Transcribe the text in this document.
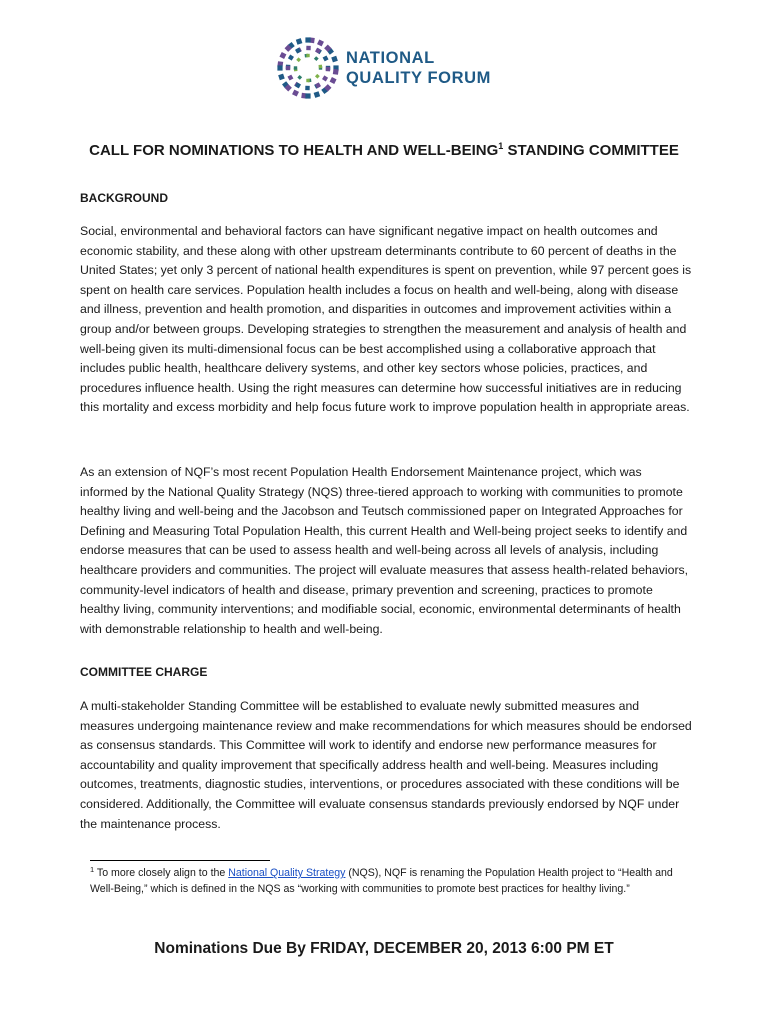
NATIONAL
QUALITY FORUM
CALL FOR NOMINATIONS TO HEALTH AND WELL-BEING$^1$ STANDING COMMITTEE
BACKGROUND

Social, environmental and behavioral factors can have significant negative impact on health outcomes and economic stability, and these along with other upstream determinants contribute to 60 percent of deaths in the United States; yet only 3 percent of national health expenditures is spent on prevention, while 97 percent goes is spent on health care services. Population health includes a focus on health and well-being, along with disease and illness, prevention and health promotion, and disparities in outcomes and improvement activities within a group and/or between groups. Developing strategies to strengthen the measurement and analysis of health and well-being given its multi-dimensional focus can be best accomplished using a collaborative approach that includes public health, healthcare delivery systems, and other key sectors whose policies, practices, and procedures influence health. Using the right measures can determine how successful initiatives are in reducing this mortality and excess morbidity and help focus future work to improve population health in appropriate areas.

As an extension of NQF’s most recent Population Health Endorsement Maintenance project, which was informed by the National Quality Strategy (NQS) three-tiered approach to working with communities to promote healthy living and well-being and the Jacobson and Teutsch commissioned paper on Integrated Approaches for Defining and Measuring Total Population Health, this current Health and Well-being project seeks to identify and endorse measures that can be used to assess health and well-being across all levels of analysis, including healthcare providers and communities. The project will evaluate measures that assess health-related behaviors, community-level indicators of health and disease, primary prevention and screening, practices to promote healthy living, community interventions; and modifiable social, economic, environmental determinants of health with demonstrable relationship to health and well-being.

COMMITTEE CHARGE

A multi-stakeholder Standing Committee will be established to evaluate newly submitted measures and measures undergoing maintenance review and make recommendations for which measures should be endorsed as consensus standards. This Committee will work to identify and endorse new performance measures for accountability and quality improvement that specifically address health and well-being. Measures including outcomes, treatments, diagnostic studies, interventions, or procedures associated with these conditions will be considered. Additionally, the Committee will evaluate consensus standards previously endorsed by NQF under the maintenance process.

$^1$ To more closely align to the National Quality Strategy (NQS), NQF is renaming the Population Health project to “Health and Well-Being,” which is defined in the NQS as “working with communities to promote best practices for healthy living.”

Nominations Due By FRIDAY, DECEMBER 20, 2013 6:00 PM ET
